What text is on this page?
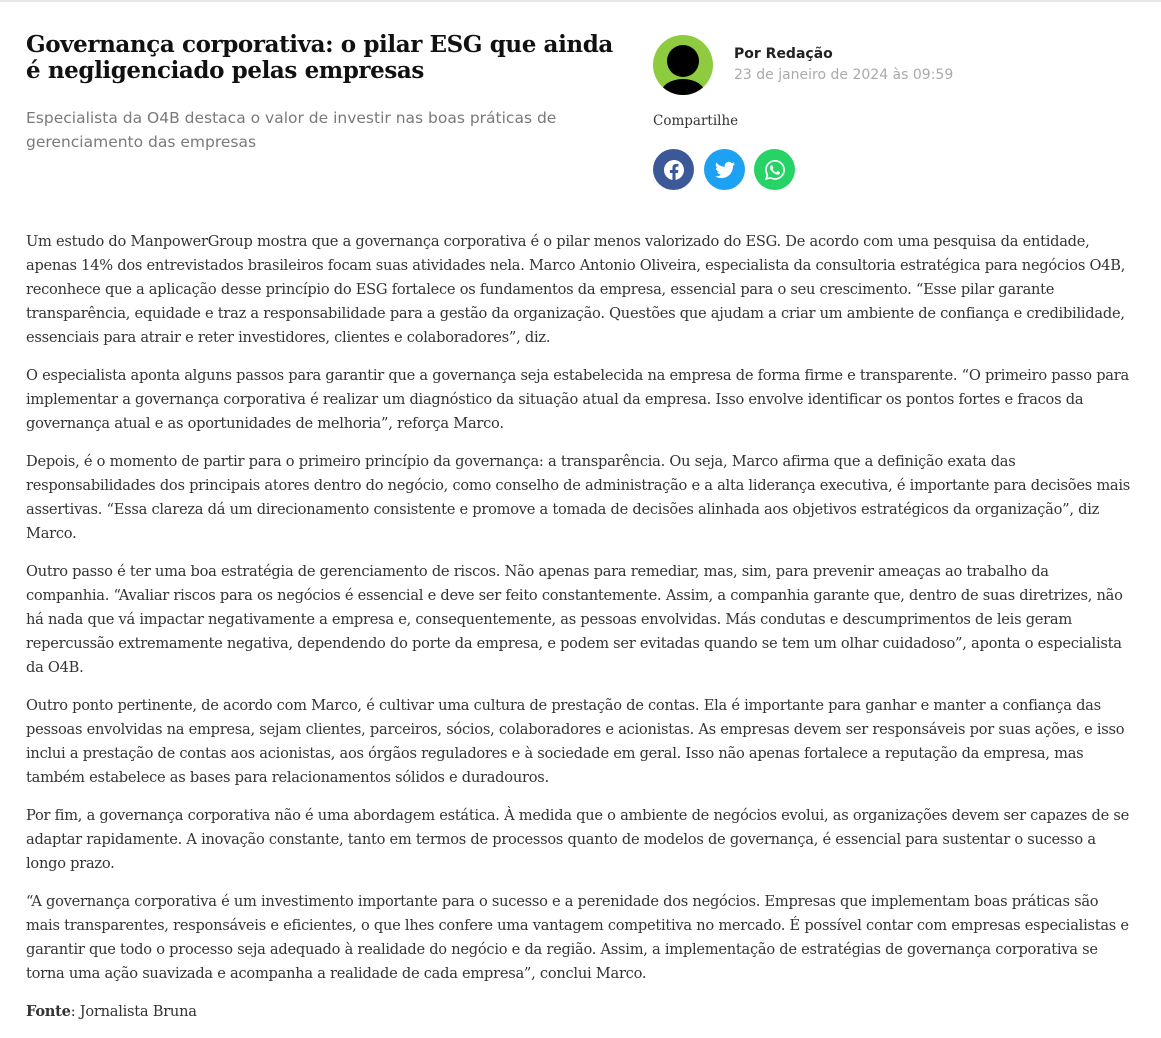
Governança corporativa: o pilar ESG que ainda é negligenciado pelas empresas

Especialista da O4B destaca o valor de investir nas boas práticas de gerenciamento das empresas

Por Redação
23 de janeiro de 2024 às 09:59
Compartilhe

Um estudo do ManpowerGroup mostra que a governança corporativa é o pilar menos valorizado do ESG. De acordo com uma pesquisa da entidade, apenas 14% dos entrevistados brasileiros focam suas atividades nela. Marco Antonio Oliveira, especialista da consultoria estratégica para negócios O4B, reconhece que a aplicação desse princípio do ESG fortalece os fundamentos da empresa, essencial para o seu crescimento. “Esse pilar garante transparência, equidade e traz a responsabilidade para a gestão da organização. Questões que ajudam a criar um ambiente de confiança e credibilidade, essenciais para atrair e reter investidores, clientes e colaboradores”, diz.

O especialista aponta alguns passos para garantir que a governança seja estabelecida na empresa de forma firme e transparente. “O primeiro passo para implementar a governança corporativa é realizar um diagnóstico da situação atual da empresa. Isso envolve identificar os pontos fortes e fracos da governança atual e as oportunidades de melhoria”, reforça Marco.

Depois, é o momento de partir para o primeiro princípio da governança: a transparência. Ou seja, Marco afirma que a definição exata das responsabilidades dos principais atores dentro do negócio, como conselho de administração e a alta liderança executiva, é importante para decisões mais assertivas. “Essa clareza dá um direcionamento consistente e promove a tomada de decisões alinhada aos objetivos estratégicos da organização”, diz Marco.

Outro passo é ter uma boa estratégia de gerenciamento de riscos. Não apenas para remediar, mas, sim, para prevenir ameaças ao trabalho da companhia. “Avaliar riscos para os negócios é essencial e deve ser feito constantemente. Assim, a companhia garante que, dentro de suas diretrizes, não há nada que vá impactar negativamente a empresa e, consequentemente, as pessoas envolvidas. Más condutas e descumprimentos de leis geram repercussão extremamente negativa, dependendo do porte da empresa, e podem ser evitadas quando se tem um olhar cuidadoso”, aponta o especialista da O4B.

Outro ponto pertinente, de acordo com Marco, é cultivar uma cultura de prestação de contas. Ela é importante para ganhar e manter a confiança das pessoas envolvidas na empresa, sejam clientes, parceiros, sócios, colaboradores e acionistas. As empresas devem ser responsáveis por suas ações, e isso inclui a prestação de contas aos acionistas, aos órgãos reguladores e à sociedade em geral. Isso não apenas fortalece a reputação da empresa, mas também estabelece as bases para relacionamentos sólidos e duradouros.

Por fim, a governança corporativa não é uma abordagem estática. À medida que o ambiente de negócios evolui, as organizações devem ser capazes de se adaptar rapidamente. A inovação constante, tanto em termos de processos quanto de modelos de governança, é essencial para sustentar o sucesso a longo prazo.

“A governança corporativa é um investimento importante para o sucesso e a perenidade dos negócios. Empresas que implementam boas práticas são mais transparentes, responsáveis e eficientes, o que lhes confere uma vantagem competitiva no mercado. É possível contar com empresas especialistas e garantir que todo o processo seja adequado à realidade do negócio e da região. Assim, a implementação de estratégias de governança corporativa se torna uma ação suavizada e acompanha a realidade de cada empresa”, conclui Marco.

Fonte: Jornalista Bruna
